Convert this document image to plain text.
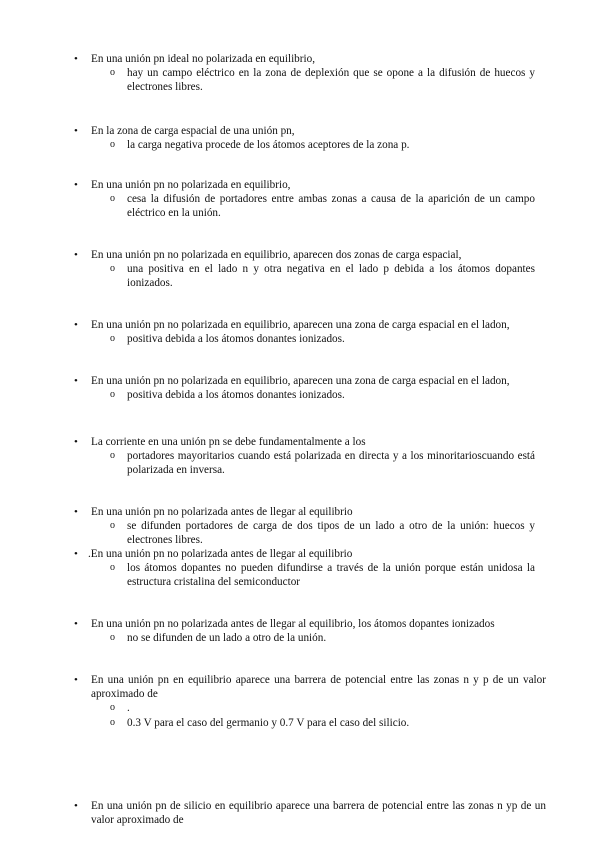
• En una unión pn ideal no polarizada en equilibrio,
o hay un campo eléctrico en la zona de deplexión que se opone a la difusión de huecos y electrones libres.
• En la zona de carga espacial de una unión pn,
o la carga negativa procede de los átomos aceptores de la zona p.
• En una unión pn no polarizada en equilibrio,
o cesa la difusión de portadores entre ambas zonas a causa de la aparición de un campo eléctrico en la unión.
• En una unión pn no polarizada en equilibrio, aparecen dos zonas de carga espacial,
o una positiva en el lado n y otra negativa en el lado p debida a los átomos dopantes ionizados.
• En una unión pn no polarizada en equilibrio, aparecen una zona de carga espacial en el ladon,
o positiva debida a los átomos donantes ionizados.
• En una unión pn no polarizada en equilibrio, aparecen una zona de carga espacial en el ladon,
o positiva debida a los átomos donantes ionizados.
• La corriente en una unión pn se debe fundamentalmente a los
o portadores mayoritarios cuando está polarizada en directa y a los minoritarioscuando está polarizada en inversa.
• En una unión pn no polarizada antes de llegar al equilibrio
o se difunden portadores de carga de dos tipos de un lado a otro de la unión: huecos y electrones libres.
• .En una unión pn no polarizada antes de llegar al equilibrio
o los átomos dopantes no pueden difundirse a través de la unión porque están unidosa la estructura cristalina del semiconductor
• En una unión pn no polarizada antes de llegar al equilibrio, los átomos dopantes ionizados
o no se difunden de un lado a otro de la unión.
• En una unión pn en equilibrio aparece una barrera de potencial entre las zonas n y p de un valor aproximado de
o .
o 0.3 V para el caso del germanio y 0.7 V para el caso del silicio.
• En una unión pn de silicio en equilibrio aparece una barrera de potencial entre las zonas n yp de un valor aproximado de
